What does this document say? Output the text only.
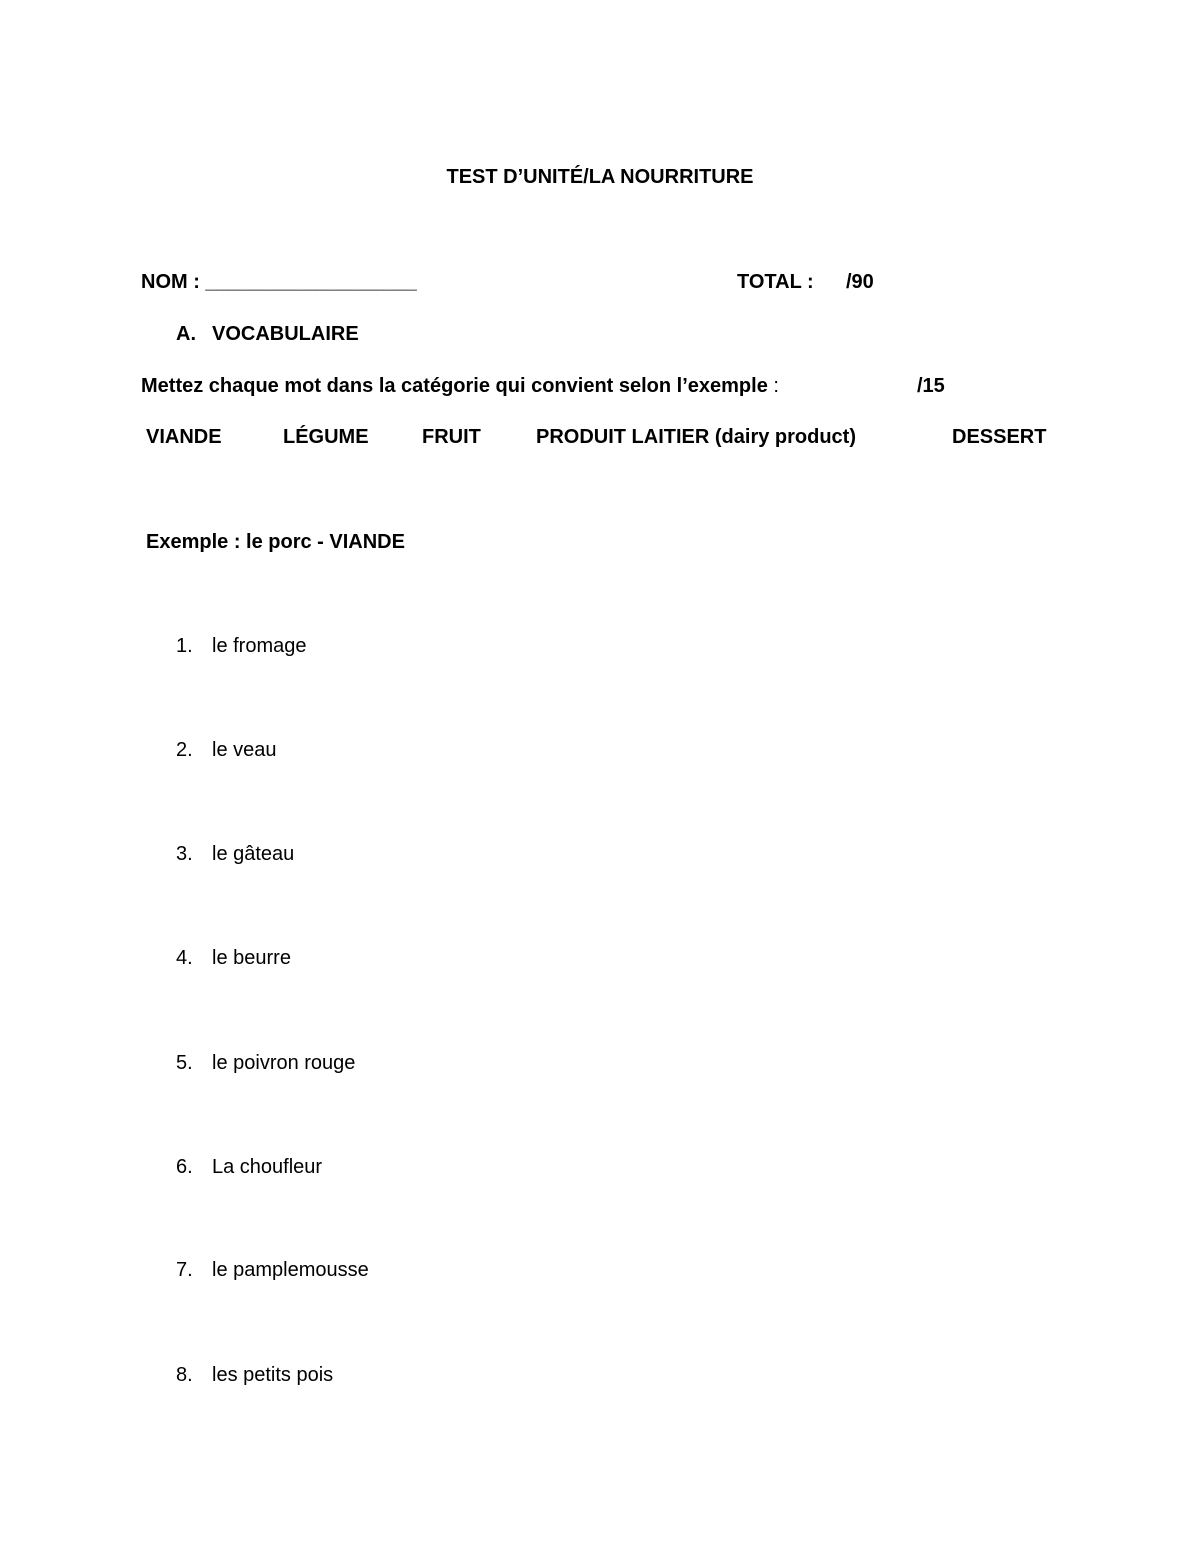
TEST D’UNITÉ/LA NOURRITURE
NOM : ___________________	TOTAL : /90
A. VOCABULAIRE
Mettez chaque mot dans la catégorie qui convient selon l’exemple :	/15
VIANDE	LÉGUME	FRUIT	PRODUIT LAITIER (dairy product)	DESSERT
Exemple : le porc - VIANDE
1. le fromage
2. le veau
3. le gâteau
4. le beurre
5. le poivron rouge
6. La choufleur
7. le pamplemousse
8. les petits pois
